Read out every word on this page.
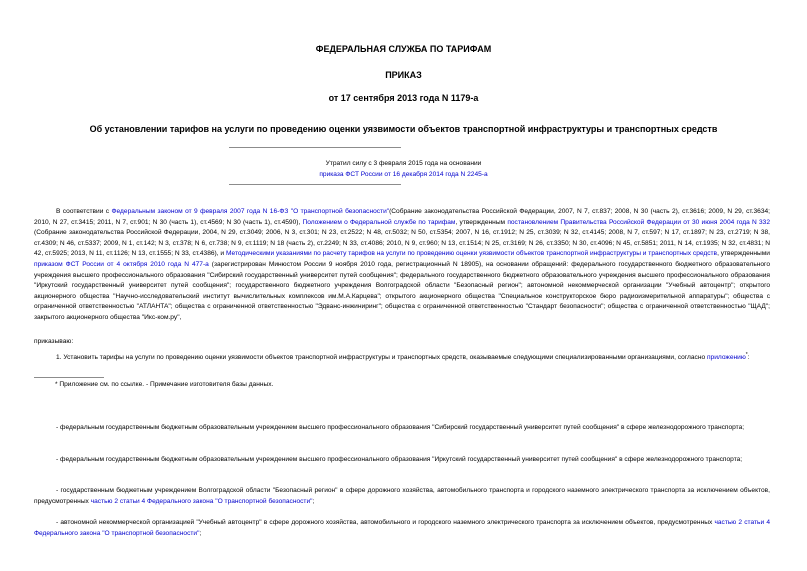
ФЕДЕРАЛЬНАЯ СЛУЖБА ПО ТАРИФАМ
ПРИКАЗ
от 17 сентября 2013 года N 1179-а
Об установлении тарифов на услуги по проведению оценки уязвимости объектов транспортной инфраструктуры и транспортных средств
Утратил силу с 3 февраля 2015 года на основании
приказа ФСТ России от 16 декабря 2014 года N 2245-а
В соответствии с Федеральным законом от 9 февраля 2007 года N 16-ФЗ "О транспортной безопасности"(Собрание законодательства Российской Федерации, 2007, N 7, ст.837; 2008, N 30 (часть 2), ст.3616; 2009, N 29, ст.3634; 2010, N 27, ст.3415; 2011, N 7, ст.901; N 30 (часть 1), ст.4569; N 30 (часть 1), ст.4590), Положением о Федеральной службе по тарифам, утвержденным постановлением Правительства Российской Федерации от 30 июня 2004 года N 332 (Собрание законодательства Российской Федерации, 2004, N 29, ст.3049; 2006, N 3, ст.301; N 23, ст.2522; N 48, ст.5032; N 50, ст.5354; 2007, N 16, ст.1912; N 25, ст.3039; N 32, ст.4145; 2008, N 7, ст.597; N 17, ст.1897; N 23, ст.2719; N 38, ст.4309; N 46, ст.5337; 2009, N 1, ст.142; N 3, ст.378; N 6, ст.738; N 9, ст.1119; N 18 (часть 2), ст.2249; N 33, ст.4086; 2010, N 9, ст.960; N 13, ст.1514; N 25, ст.3169; N 26, ст.3350; N 30, ст.4096; N 45, ст.5851; 2011, N 14, ст.1935; N 32, ст.4831; N 42, ст.5925; 2013, N 11, ст.1126; N 13, ст.1555; N 33, ст.4386), и Методическими указаниями по расчету тарифов на услуги по проведению оценки уязвимости объектов транспортной инфраструктуры и транспортных средств, утвержденными приказом ФСТ России от 4 октября 2010 года N 477-а (зарегистрирован Минюстом России 9 ноября 2010 года, регистрационный N 18905), на основании обращений: федерального государственного бюджетного образовательного учреждения высшего профессионального образования "Сибирский государственный университет путей сообщения"; федерального государственного бюджетного образовательного учреждения высшего профессионального образования "Иркутский государственный университет путей сообщения"; государственного бюджетного учреждения Волгоградской области "Безопасный регион"; автономной некоммерческой организации "Учебный автоцентр"; открытого акционерного общества "Научно-исследовательский институт вычислительных комплексов им.М.А.Карцева"; открытого акционерного общества "Специальное конструкторское бюро радиоизмерительной аппаратуры"; общества с ограниченной ответственностью "АТЛАНТА"; общества с ограниченной ответственностью "Эдванс-инжиниринг"; общества с ограниченной ответственностью "Стандарт безопасности"; общества с ограниченной ответственностью "ЩАД"; закрытого акционерного общества "Икс-ком.ру",
приказываю:
1. Установить тарифы на услуги по проведению оценки уязвимости объектов транспортной инфраструктуры и транспортных средств, оказываемые следующими специализированными организациями, согласно приложению*:
* Приложение см. по ссылке. - Примечание изготовителя базы данных.
- федеральным государственным бюджетным образовательным учреждением высшего профессионального образования "Сибирский государственный университет путей сообщения" в сфере железнодорожного транспорта;
- федеральным государственным бюджетным образовательным учреждением высшего профессионального образования "Иркутский государственный университет путей сообщения" в сфере железнодорожного транспорта;
- государственным бюджетным учреждением Волгоградской области "Безопасный регион" в сфере дорожного хозяйства, автомобильного транспорта и городского наземного электрического транспорта за исключением объектов, предусмотренных частью 2 статьи 4 Федерального закона "О транспортной безопасности";
- автономной некоммерческой организацией "Учебный автоцентр" в сфере дорожного хозяйства, автомобильного и городского наземного электрического транспорта за исключением объектов, предусмотренных частью 2 статьи 4 Федерального закона "О транспортной безопасности";
